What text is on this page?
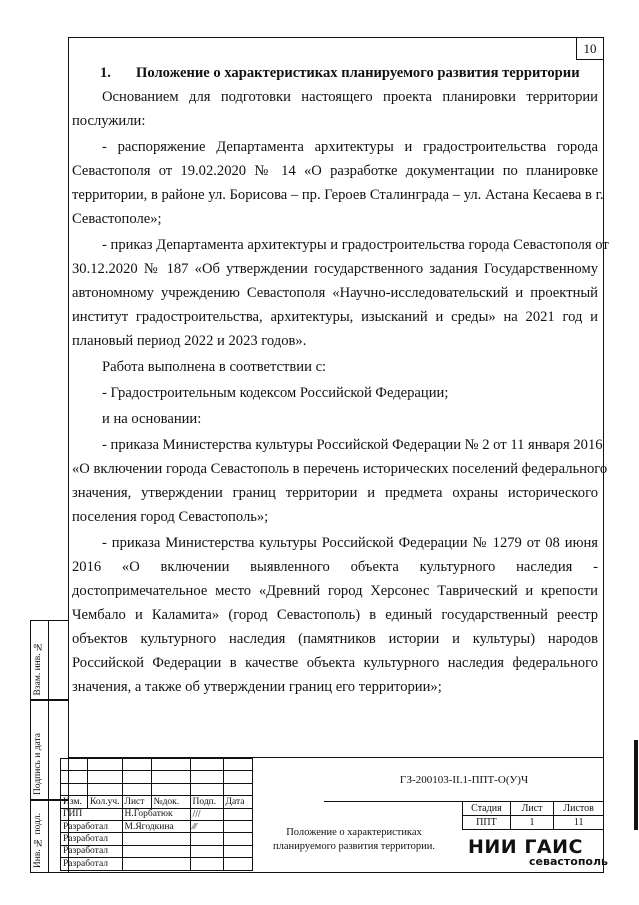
10
1. Положение о характеристиках планируемого развития территории
Основанием для подготовки настоящего проекта планировки территории
послужили:
- распоряжение Департамента архитектуры и градостроительства города
Севастополя от 19.02.2020 № 14 «О разработке документации по планировке
территории, в районе ул. Борисова – пр. Героев Сталинграда – ул. Астана Кесаева в г.
Севастополе»;
- приказ Департамента архитектуры и градостроительства города Севастополя от
30.12.2020 № 187 «Об утверждении государственного задания Государственному
автономному учреждению Севастополя «Научно-исследовательский и проектный
институт градостроительства, архитектуры, изысканий и среды» на 2021 год и
плановый период 2022 и 2023 годов».
Работа выполнена в соответствии с:
- Градостроительным кодексом Российской Федерации;
и на основании:
- приказа Министерства культуры Российской Федерации № 2 от 11 января 2016
«О включении города Севастополь в перечень исторических поселений федерального
значения, утверждении границ территории и предмета охраны исторического
поселения город Севастополь»;
- приказа Министерства культуры Российской Федерации № 1279 от 08 июня
2016 «О включении выявленного объекта культурного наследия -
достопримечательное место «Древний город Херсонес Таврический и крепости
Чембало и Каламита» (город Севастополь) в единый государственный реестр
объектов культурного наследия (памятников истории и культуры) народов
Российской Федерации в качестве объекта культурного наследия федерального
значения, а также об утверждении границ его территории»;
Взам. инв. №
Подпись и дата
Инв. № подл.

Изм.	Кол.уч.	Лист	№док.	Подп.	Дата
ГИП		Н.Горбатюк		∕∕∕	
Разработал		М.Ягодкина		⁄⁄⁄	
Разработал					
Разработал					
Разработал					
ГЗ-200103-II.1-ППТ-О(У)Ч
Положение о характеристиках планируемого развития территории.
Стадия	Лист	Листов
ППТ	1	11
НИИ ГАИС
севастополь
